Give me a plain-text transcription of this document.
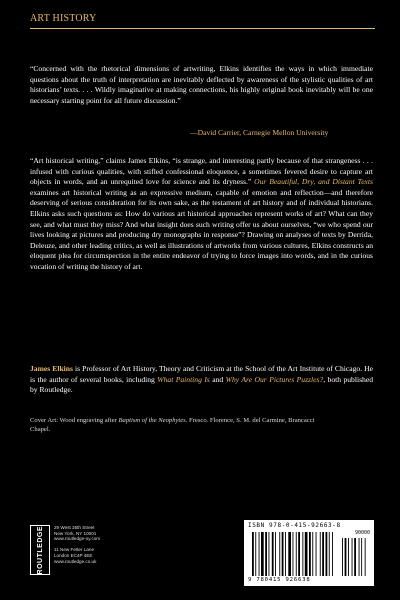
ART HISTORY
“Concerned with the rhetorical dimensions of artwriting, Elkins identifies the ways in which immediate questions about the truth of interpretation are inevitably deflected by awareness of the stylistic qualities of art historians’ texts. . . . Wildly imaginative at making connections, his highly original book inevitably will be one necessary starting point for all future discussion.”
—David Carrier, Carnegie Mellon University
“Art historical writing,” claims James Elkins, “is strange, and interesting partly because of that strangeness . . . infused with curious qualities, with stifled confessional eloquence, a sometimes fevered desire to capture art objects in words, and an unrequited love for science and its dryness.” Our Beautiful, Dry, and Distant Texts examines art historical writing as an expressive medium, capable of emotion and reflection—and therefore deserving of serious consideration for its own sake, as the testament of art history and of individual historians. Elkins asks such questions as: How do various art historical approaches represent works of art? What can they see, and what must they miss? And what insight does such writing offer us about ourselves, “we who spend our lives looking at pictures and producing dry monographs in response”? Drawing on analyses of texts by Derrida, Deleuze, and other leading critics, as well as illustrations of artworks from various cultures, Elkins constructs an eloquent plea for circumspection in the entire endeavor of trying to force images into words, and in the curious vocation of writing the history of art.
James Elkins is Professor of Art History, Theory and Criticism at the School of the Art Institute of Chicago. He is the author of several books, including What Painting Is and Why Are Our Pictures Puzzles?, both published by Routledge.
Cover Art: Wood engraving after Baptism of the Neophytes. Fresco. Florence, S. M. del Carmine, Brancacci Chapel.
ROUTLEDGE 29 West 35th Street
New York, NY 10001
www.routledge-ny.com

11 New Fetter Lane
London EC4P 4EE
www.routledge.co.uk
ISBN 978-0-415-92663-8
90000
9 780415 926638
